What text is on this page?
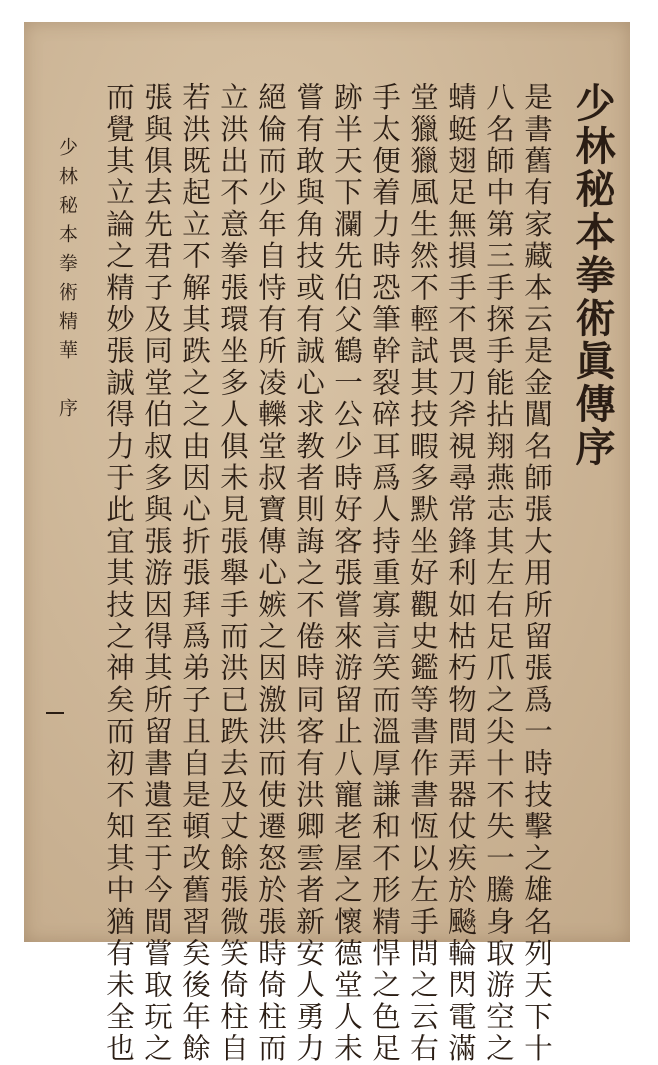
少林秘本拳術眞傳序
是書舊有家藏本云是金閶名師張大用所留張爲一時技擊之雄名列天下十
八名師中第三手探手能拈翔燕志其左右足爪之尖十不失一騰身取游空之
蜻蜓翅足無損手不畏刀斧視尋常鋒利如枯朽物間弄器仗疾於飈輪閃電滿
堂獵獵風生然不輕試其技暇多默坐好觀史鑑等書作書恆以左手問之云右
手太便着力時恐筆幹裂碎耳爲人持重寡言笑而溫厚謙和不形精悍之色足
跡半天下瀾先伯父鶴一公少時好客張嘗來游留止八寵老屋之懷德堂人未
嘗有敢與角技或有誠心求教者則誨之不倦時同客有洪卿雲者新安人勇力
絕倫而少年自恃有所凌轢堂叔寶傳心嫉之因激洪而使遷怒於張時倚柱而
立洪出不意拳張環坐多人俱未見張舉手而洪已跌去及丈餘張微笑倚柱自
若洪既起立不解其跌之之由因心折張拜爲弟子且自是頓改舊習矣後年餘
張與俱去先君子及同堂伯叔多與張游因得其所留書遺至于今間嘗取玩之
而覺其立論之精妙張誠得力于此宜其技之神矣而初不知其中猶有未全也
少林秘本拳術精華　序
